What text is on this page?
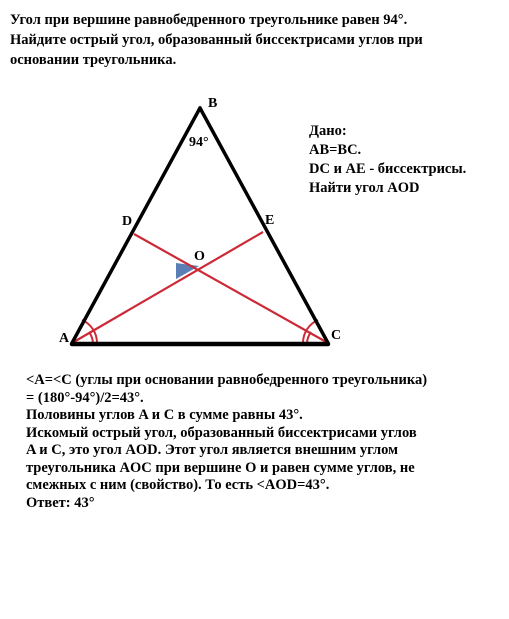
Угол при вершине равнобедренного треугольнике равен 94°.
Найдите острый угол, образованный биссектрисами углов при
основании треугольника.
A
B
C
D	E
O
94°
Дано:
AB=BC.
DC и AE - биссектрисы.
Найти угол AOD
<A=<C (углы при основании равнобедренного треугольника)
= (180°-94°)/2=43°.
Половины углов A и C в сумме равны 43°.
Искомый острый угол, образованный биссектрисами углов
A и C, это угол AOD. Этот угол является внешним углом
треугольника AOC при вершине O и равен сумме углов, не
смежных с ним (свойство). То есть <AOD=43°.
Ответ: 43°
